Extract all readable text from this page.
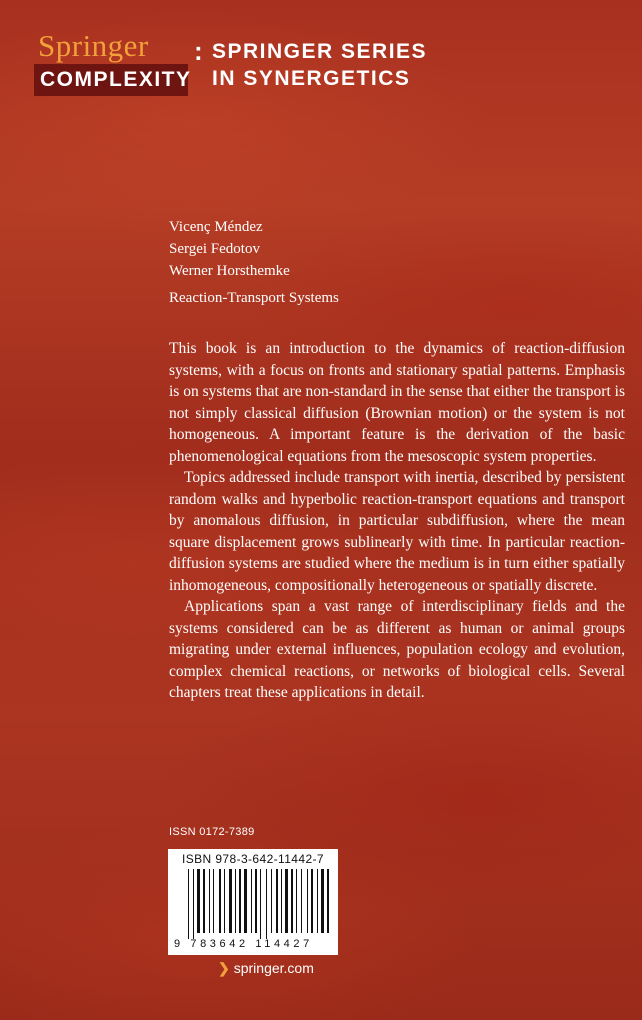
Springer
COMPLEXITY
: SPRINGER SERIES
IN SYNERGETICS
Vicenç Méndez
Sergei Fedotov
Werner Horsthemke
Reaction-Transport Systems

This book is an introduction to the dynamics of reaction-diffusion systems, with a focus on fronts and stationary spatial patterns. Emphasis is on systems that are non-standard in the sense that either the transport is not simply classical diffusion (Brownian motion) or the system is not homogeneous. A important feature is the derivation of the basic phenomenological equations from the mesoscopic system properties.

Topics addressed include transport with inertia, described by persistent random walks and hyperbolic reaction-transport equations and transport by anomalous diffusion, in particular subdiffusion, where the mean square displacement grows sublinearly with time. In particular reaction-diffusion systems are studied where the medium is in turn either spatially inhomogeneous, compositionally heterogeneous or spatially discrete.

Applications span a vast range of interdisciplinary fields and the systems considered can be as different as human or animal groups migrating under external influences, population ecology and evolution, complex chemical reactions, or networks of biological cells. Several chapters treat these applications in detail.

ISSN 0172-7389
ISBN 978-3-642-11442-7
9 783642 114427
❯ springer.com
